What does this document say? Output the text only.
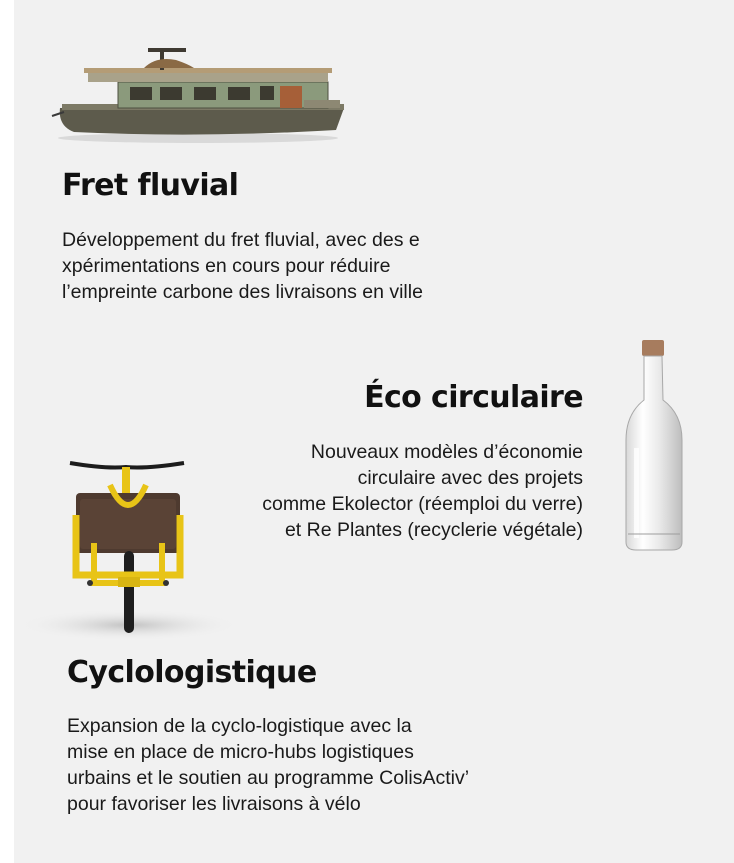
Fret fluvial

Développement du fret fluvial, avec des e
xpérimentations en cours pour réduire
l’empreinte carbone des livraisons en ville

Éco circulaire

Nouveaux modèles d’économie
circulaire avec des projets
comme Ekolector (réemploi du verre)
et Re Plantes (recyclerie végétale)

Cyclologistique

Expansion de la cyclo-logistique avec la
mise en place de micro-hubs logistiques
urbains et le soutien au programme ColisActiv’
pour favoriser les livraisons à vélo
